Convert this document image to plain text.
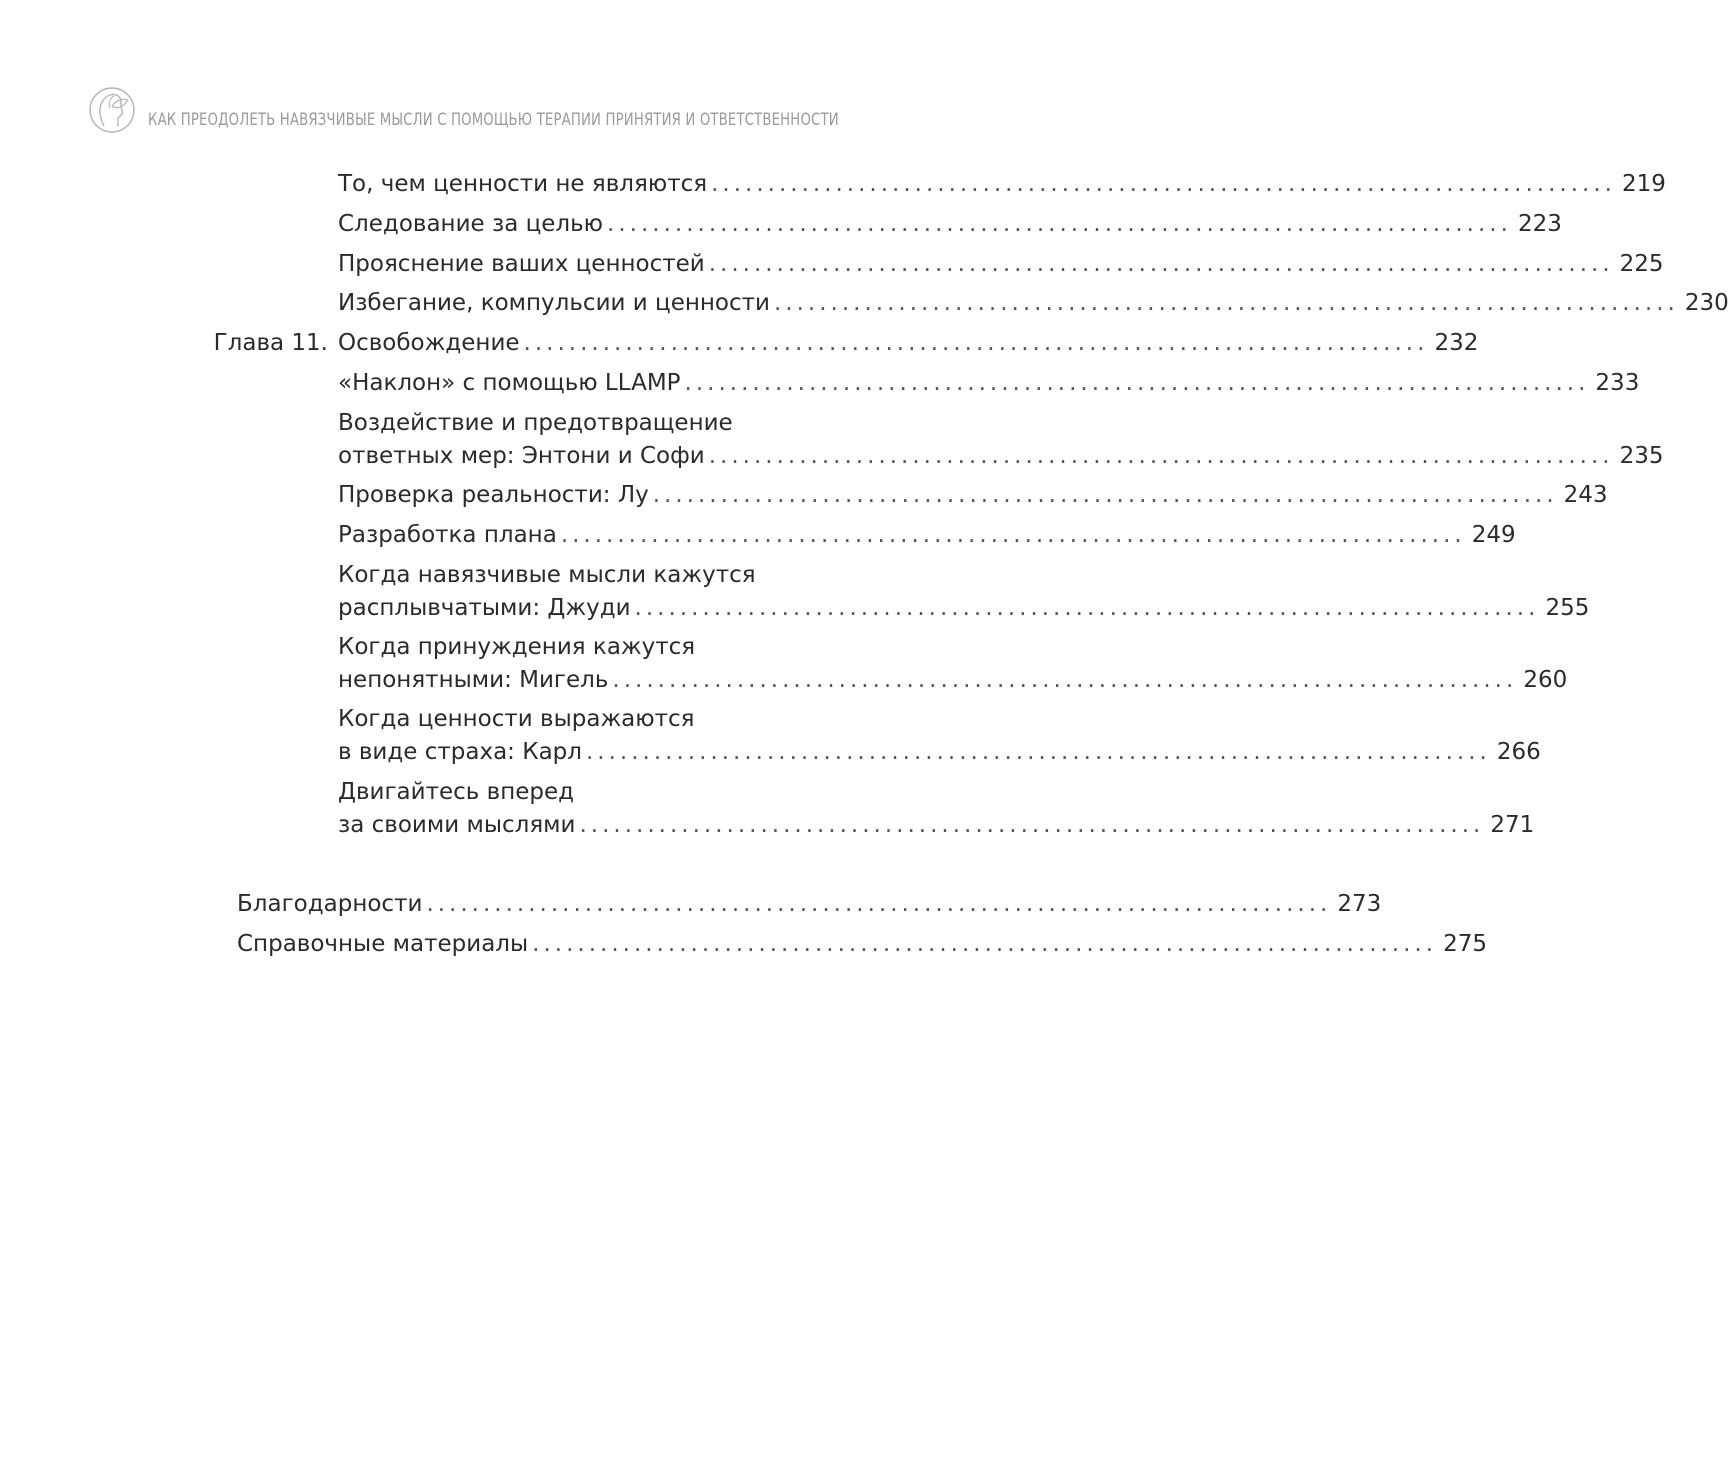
КАК ПРЕОДОЛЕТЬ НАВЯЗЧИВЫЕ МЫСЛИ С ПОМОЩЬЮ ТЕРАПИИ ПРИНЯТИЯ И ОТВЕТСТВЕННОСТИ
То, чем ценности не являются ................................................................................ 219
Следование за целью ................................................................................ 223
Прояснение ваших ценностей ................................................................................ 225
Избегание, компульсии и ценности ................................................................................ 230
Глава 11. Освобождение ................................................................................ 232
«Наклон» с помощью LLAMP ................................................................................ 233
Воздействие и предотвращение
ответных мер: Энтони и Софи ................................................................................ 235
Проверка реальности: Лу ................................................................................ 243
Разработка плана ................................................................................ 249
Когда навязчивые мысли кажутся
расплывчатыми: Джуди ................................................................................ 255
Когда принуждения кажутся
непонятными: Мигель ................................................................................ 260
Когда ценности выражаются
в виде страха: Карл ................................................................................ 266
Двигайтесь вперед
за своими мыслями ................................................................................ 271
Благодарности ................................................................................ 273
Справочные материалы ................................................................................ 275
